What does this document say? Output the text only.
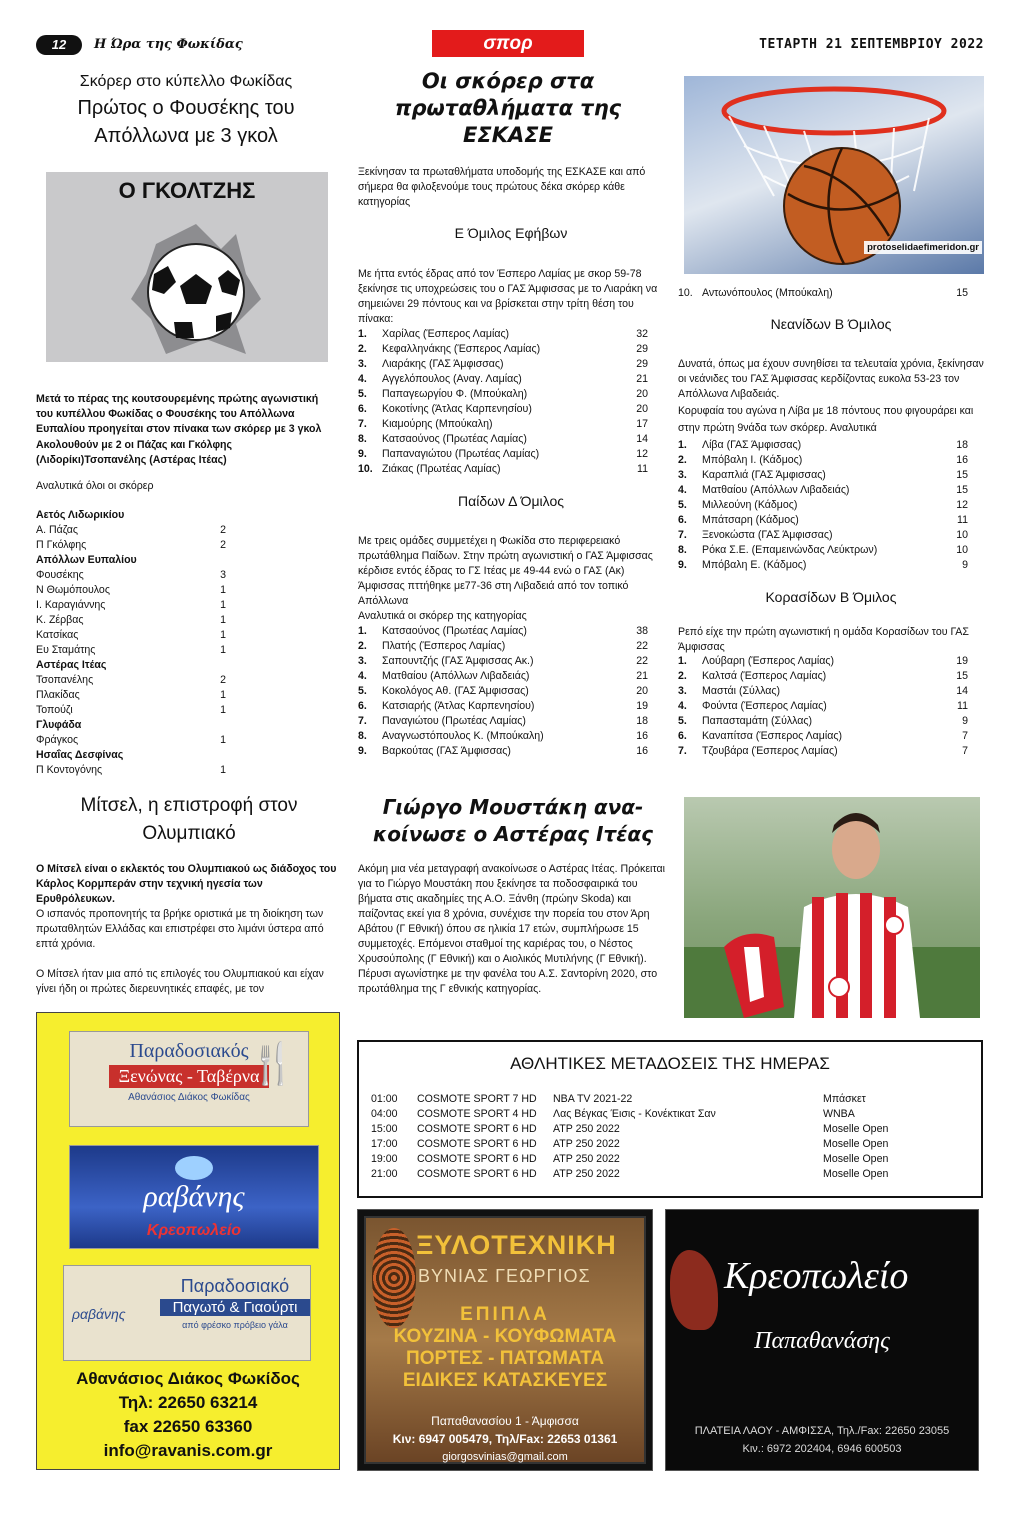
12	Η Ώρα της Φωκίδας	σπορ	ΤΕΤΑΡΤΗ 21 ΣΕΠΤΕΜΒΡΙΟΥ 2022
Σκόρερ στο κύπελλο Φωκίδας
Πρώτος ο Φουσέκης του
Απόλλωνα με 3 γκολ
Ο ΓΚΟΛΤΖΗΣ
Μετά το πέρας της κουτσουρεμένης πρώτης αγωνιστική του κυπέλλου Φωκίδας ο Φουσέκης του Απόλλωνα Ευπαλίου προηγείται στον πίνακα των σκόρερ με 3 γκολ Ακολουθούν με 2 οι Πάζας και Γκόλφης (Λιδορίκι)Τσοπανέλης (Αστέρας Ιτέας)
Αναλυτικά όλοι οι σκόρερ
Αετός Λιδωρικίου
Α. Πάζας	2
Π Γκόλφης	2
Απόλλων Ευπαλίου
Φουσέκης	3
Ν Θωμόπουλος	1
Ι. Καραγιάννης	1
Κ. Ζέρβας	1
Κατσίκας	1
Ευ Σταμάτης	1
Αστέρας Ιτέας
Τσοπανέλης	2
Πλακίδας	1
Τοπούζι	1
Γλυφάδα
Φράγκος	1
Ησαΐας Δεσφίνας
Π Κοντογόνης	1
Οι σκόρερ στα
πρωταθλήματα της
ΕΣΚΑΣΕ
Ξεκίνησαν τα πρωταθλήματα υποδομής της ΕΣΚΑΣΕ και από σήμερα θα φιλοξενούμε τους πρώτους δέκα σκόρερ κάθε κατηγορίας
Ε Όμιλος Εφήβων
Με ήττα εντός έδρας από τον Έσπερο Λαμίας με σκορ 59-78 ξεκίνησε τις υποχρεώσεις του ο ΓΑΣ Άμφισσας με το Λιαράκη να σημειώνει 29 πόντους και να βρίσκεται στην τρίτη θέση του πίνακα:
1.	Χαρίλας (Έσπερος Λαμίας)	32
2.	Κεφαλληνάκης (Έσπερος Λαμίας)	29
3.	Λιαράκης (ΓΑΣ Άμφισσας)	29
4.	Αγγελόπουλος (Αναγ. Λαμίας)	21
5.	Παπαγεωργίου Φ. (Μπούκαλη)	20
6.	Κοκοτίνης (Άτλας Καρπενησίου)	20
7.	Κιαμούρης (Μπούκαλη)	17
8.	Κατσαούνος (Πρωτέας Λαμίας)	14
9.	Παπαναγιώτου (Πρωτέας Λαμίας)	12
10. Ζιάκας (Πρωτέας Λαμίας)	11
Παίδων Δ Όμιλος
Με τρεις ομάδες συμμετέχει η Φωκίδα στο περιφερειακό πρωτάθλημα Παίδων. Στην πρώτη αγωνιστική ο ΓΑΣ Άμφισσας κέρδισε εντός έδρας το ΓΣ Ιτέας με 49-44 ενώ ο ΓΑΣ (Ακ) Άμφισσας πττήθηκε με77-36 στη Λιβαδειά από τον τοπικό Απόλλωνα
Αναλυτικά οι σκόρερ της κατηγορίας
1.	Κατσαούνος (Πρωτέας Λαμίας)	38
2.	Πλατής (Έσπερος Λαμίας)	22
3.	Σαπουντζής (ΓΑΣ Άμφισσας Ακ.)	22
4.	Ματθαίου (Απόλλων Λιβαδειάς)	21
5.	Κοκολόγος Αθ. (ΓΑΣ Άμφισσας)	20
6.	Κατσιαρής (Άτλας Καρπενησίου)	19
7.	Παναγιώτου (Πρωτέας Λαμίας)	18
8.	Αναγνωστόπουλος Κ. (Μπούκαλη)	16
9.	Βαρκούτας (ΓΑΣ Άμφισσας)	16
protoselidaefimeridon.gr
10. Αντωνόπουλος (Μπούκαλη)	15
Νεανίδων Β Όμιλος
Δυνατά, όπως μα έχουν συνηθίσει τα τελευταία χρόνια, ξεκίνησαν οι νεάνιδες του ΓΑΣ Άμφισσας κερδίζοντας ευκολα 53-23 τον Απόλλωνα Λιβαδειάς.
Κορυφαία του αγώνα η Λίβα με 18 πόντους που φιγουράρει και στην πρώτη 9νάδα των σκόρερ. Αναλυτικά
1.	Λίβα (ΓΑΣ Άμφισσας)	18
2.	Μπόβαλη Ι. (Κάδμος)	16
3.	Καραπλιά (ΓΑΣ Άμφισσας)	15
4.	Ματθαίου (Απόλλων Λιβαδειάς)	15
5.	Μιλλεούνη (Κάδμος)	12
6.	Μπάτσαρη (Κάδμος)	11
7.	Ξενοκώστα (ΓΑΣ Άμφισσας)	10
8.	Ρόκα Σ.Ε. (Επαμεινώνδας Λεύκτρων)	10
9.	Μπόβαλη Ε. (Κάδμος)	9
Κορασίδων Β Όμιλος
Ρεπό είχε την πρώτη αγωνιστική η ομάδα Κορασίδων του ΓΑΣ Άμφισσας
1.	Λούβαρη (Έσπερος Λαμίας)	19
2.	Καλτσά (Έσπερος Λαμίας)	15
3.	Μαστάι (Σύλλας)	14
4.	Φούντα (Έσπερος Λαμίας)	11
5.	Παπασταμάτη (Σύλλας)	9
6.	Καναπίτσα (Έσπερος Λαμίας)	7
7.	Τζουβάρα (Έσπερος Λαμίας)	7
Μίτσελ, η επιστροφή στον
Ολυμπιακό
Ο Μίτσελ είναι ο εκλεκτός του Ολυμπιακού ως διάδοχος του Κάρλος Κορμπεράν στην τεχνική ηγεσία των Ερυθρόλευκων.
Ο ισπανός προπονητής τα βρήκε οριστικά με τη διοίκηση των πρωταθλητών Ελλάδας και επιστρέφει στο λιμάνι ύστερα από επτά χρόνια.
Ο Μίτσελ ήταν μια από τις επιλογές του Ολυμπιακού και είχαν γίνει ήδη οι πρώτες διερευνητικές επαφές, με τον
Γιώργο Μουστάκη ανα-
κοίνωσε ο Αστέρας Ιτέας
Ακόμη μια νέα μεταγραφή ανακοίνωσε ο Αστέρας Ιτέας. Πρόκειται για το Γιώργο Μουστάκη που ξεκίνησε τα ποδοσφαιρικά του βήματα στις ακαδημίες της Α.Ο. Ξάνθη (πρώην Skoda) και παίζοντας εκεί για 8 χρόνια, συνέχισε την πορεία του στον Άρη Αβάτου (Γ Εθνική) όπου σε ηλικία 17 ετών, συμπλήρωσε 15 συμμετοχές. Επόμενοι σταθμοί της καριέρας του, ο Νέστος Χρυσούπολης (Γ Εθνική) και ο Αιολικός Μυτιλήνης (Γ Εθνική). Πέρυσι αγωνίστηκε με την φανέλα του Α.Σ. Σαντορίνη 2020, στο πρωτάθλημα της Γ εθνικής κατηγορίας.
Παραδοσιακός
Ξενώνας - Ταβέρνα
Αθανάσιος Διάκος Φωκίδας
🍴
ραβάνης
Κρεοπωλείο
ραβάνης
Παραδοσιακό
Παγωτό & Γιαούρτι
από φρέσκο πρόβειο γάλα
Αθανάσιος Διάκος Φωκίδος
Τηλ: 22650 63214
fax 22650 63360
info@ravanis.com.gr
ΑΘΛΗΤΙΚΕΣ ΜΕΤΑΔΟΣΕΙΣ ΤΗΣ ΗΜΕΡΑΣ
01:00	COSMOTE SPORT 7 HD	NBA TV 2021-22	Μπάσκετ
04:00	COSMOTE SPORT 4 HD	Λας Βέγκας Έισις - Κονέκτικατ Σαν	WNBA
15:00	COSMOTE SPORT 6 HD	ATP 250 2022	Moselle Open
17:00	COSMOTE SPORT 6 HD	ATP 250 2022	Moselle Open
19:00	COSMOTE SPORT 6 HD	ATP 250 2022	Moselle Open
21:00	COSMOTE SPORT 6 HD	ATP 250 2022	Moselle Open
ΞΥΛΟΤΕΧΝΙΚΗ
ΒΥΝΙΑΣ ΓΕΩΡΓΙΟΣ
ΕΠΙΠΛΑ
ΚΟΥΖΙΝΑ - ΚΟΥΦΩΜΑΤΑ
ΠΟΡΤΕΣ - ΠΑΤΩΜΑΤΑ
ΕΙΔΙΚΕΣ ΚΑΤΑΣΚΕΥΕΣ
Παπαθανασίου 1 - Άμφισσα
Κιν: 6947 005479, Τηλ/Fax: 22653 01361
giorgosvinias@gmail.com
Κρεοπωλείο
Παπαθανάσης
ΠΛΑΤΕΙΑ ΛΑΟΥ - ΑΜΦΙΣΣΑ, Τηλ./Fax: 22650 23055
Κιν.: 6972 202404, 6946 600503
